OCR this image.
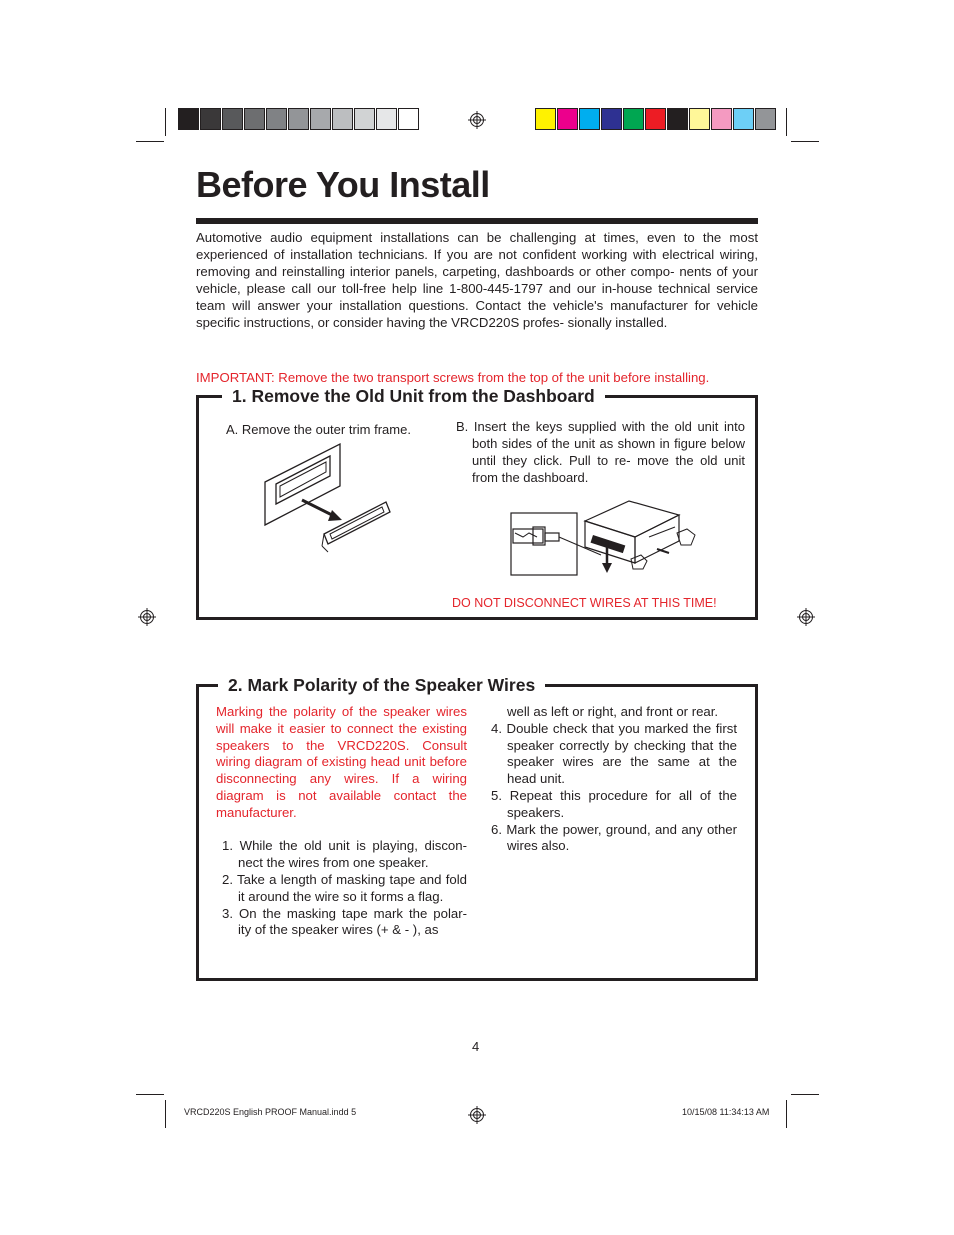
Before You Install
Automotive audio equipment installations can be challenging at times, even to the most experienced of installation technicians. If you are not confident working with electrical wiring, removing and reinstalling interior panels, carpeting, dashboards or other compo- nents of your vehicle, please call our toll-free help line 1-800-445-1797 and our in-house technical service team will answer your installation questions. Contact the vehicle's manufacturer for vehicle specific instructions, or consider having the VRCD220S profes- sionally installed.
IMPORTANT: Remove the two transport screws from the top of the unit before installing.
1. Remove the Old Unit from the Dashboard
A. Remove the outer trim frame.	B. Insert the keys supplied with the old unit into both sides of the unit as shown in figure below until they click. Pull to re- move the old unit from the dashboard.
DO NOT DISCONNECT WIRES AT THIS TIME!
2. Mark Polarity of the Speaker Wires

Marking the polarity of the speaker wires will make it easier to connect the existing speakers to the VRCD220S. Consult wiring diagram of existing head unit before disconnecting any wires. If a wiring diagram is not available contact the manufacturer.

1. While the old unit is playing, discon- nect the wires from one speaker.

2. Take a length of masking tape and fold it around the wire so it forms a flag.

3. On the masking tape mark the polar- ity of the speaker wires (+ & - ), as

well as left or right, and front or rear.

4. Double check that you marked the first speaker correctly by checking that the speaker wires are the same at the head unit.

5. Repeat this procedure for all of the speakers.

6. Mark the power, ground, and any other wires also.

4
VRCD220S English PROOF Manual.indd 5	10/15/08 11:34:13 AM
